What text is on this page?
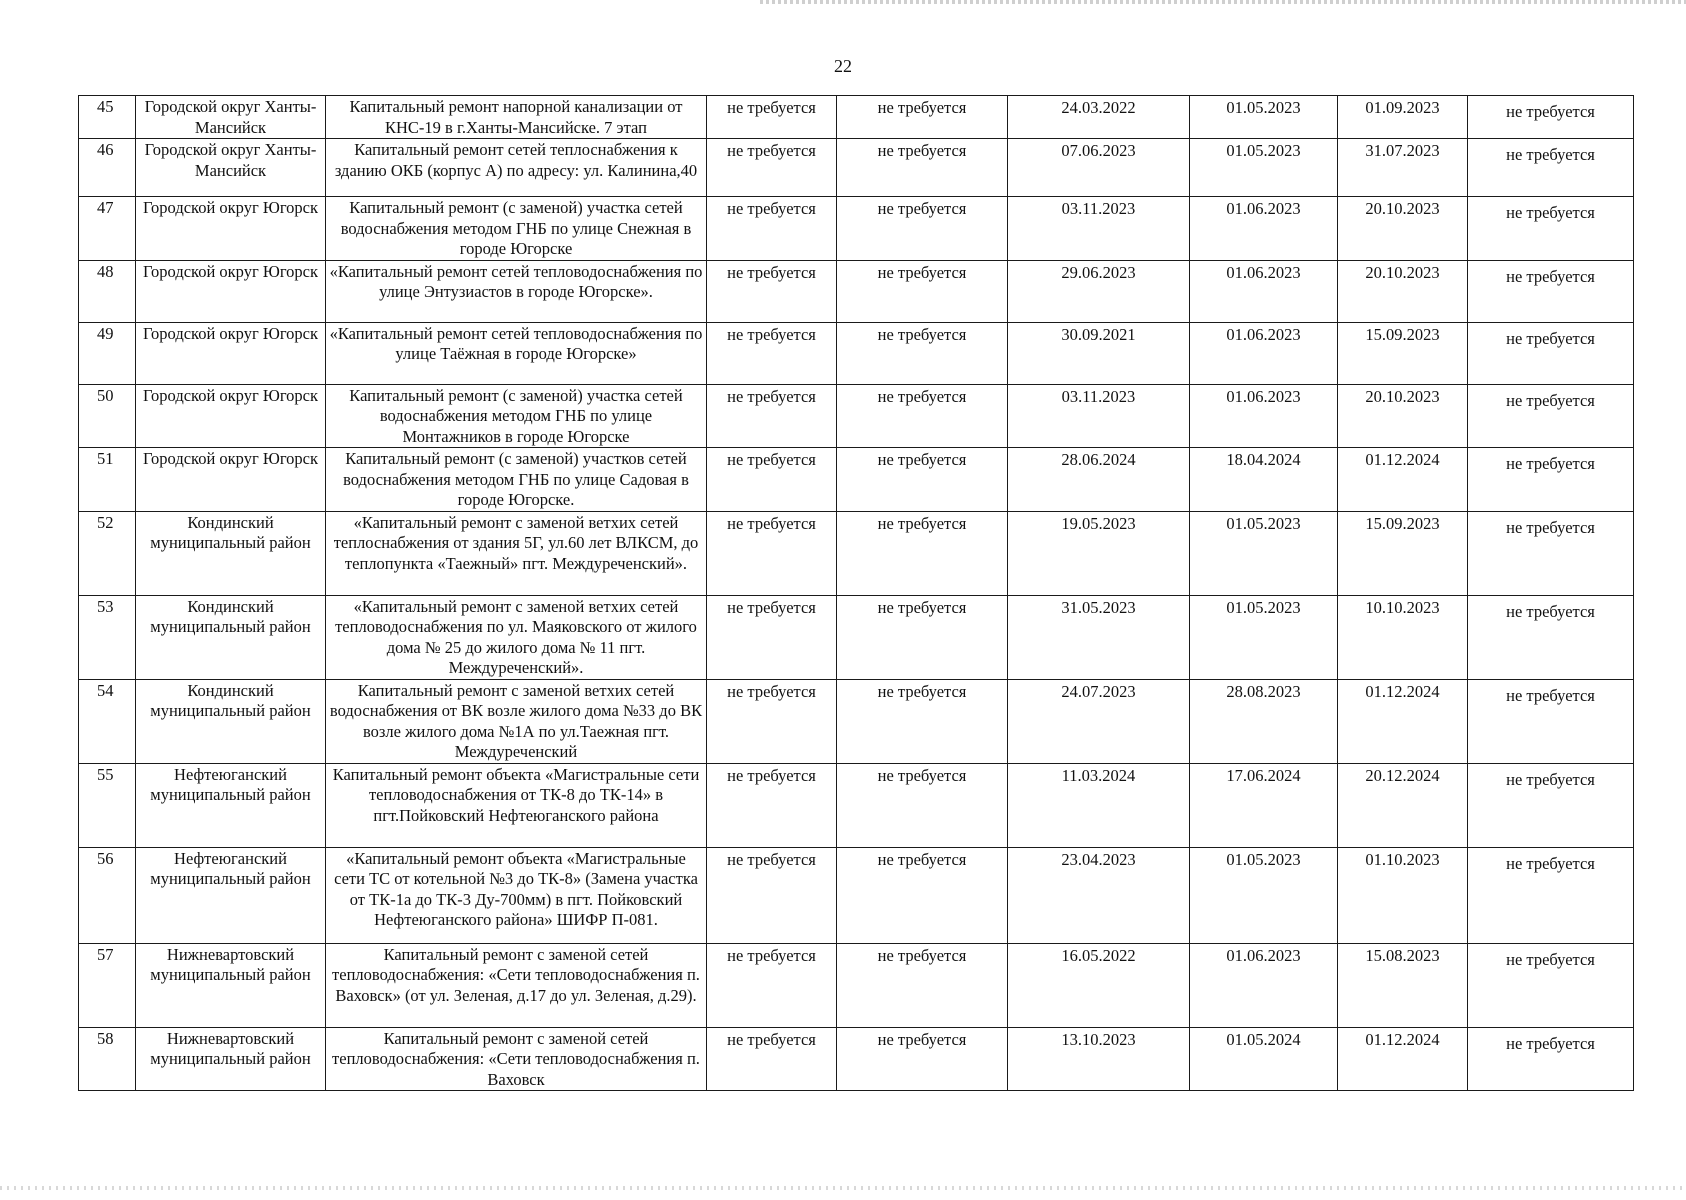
22
45	Городской округ Ханты-Мансийск	Капитальный ремонт напорной канализации от КНС-19 в г.Ханты-Мансийске. 7 этап	не требуется	не требуется	24.03.2022	01.05.2023	01.09.2023	не требуется
46	Городской округ Ханты-Мансийск	Капитальный ремонт сетей теплоснабжения к зданию ОКБ (корпус А) по адресу: ул. Калинина,40	не требуется	не требуется	07.06.2023	01.05.2023	31.07.2023	не требуется
47	Городской округ Югорск	Капитальный ремонт (с заменой) участка сетей водоснабжения методом ГНБ по улице Снежная в городе Югорске	не требуется	не требуется	03.11.2023	01.06.2023	20.10.2023	не требуется
48	Городской округ Югорск	«Капитальный ремонт сетей тепловодоснабжения по улице Энтузиастов в городе Югорске».	не требуется	не требуется	29.06.2023	01.06.2023	20.10.2023	не требуется
49	Городской округ Югорск	«Капитальный ремонт сетей тепловодоснабжения по улице Таёжная в городе Югорске»	не требуется	не требуется	30.09.2021	01.06.2023	15.09.2023	не требуется
50	Городской округ Югорск	Капитальный ремонт (с заменой) участка сетей водоснабжения методом ГНБ по улице Монтажников в городе Югорске	не требуется	не требуется	03.11.2023	01.06.2023	20.10.2023	не требуется
51	Городской округ Югорск	Капитальный ремонт (с заменой) участков сетей водоснабжения методом ГНБ по улице Садовая в городе Югорске.	не требуется	не требуется	28.06.2024	18.04.2024	01.12.2024	не требуется
52	Кондинский муниципальный район	«Капитальный ремонт с заменой ветхих сетей теплоснабжения от здания 5Г, ул.60 лет ВЛКСМ, до теплопункта «Таежный» пгт. Междуреченский».	не требуется	не требуется	19.05.2023	01.05.2023	15.09.2023	не требуется
53	Кондинский муниципальный район	«Капитальный ремонт с заменой ветхих сетей тепловодоснабжения по ул. Маяковского от жилого дома № 25 до жилого дома № 11 пгт. Междуреченский».	не требуется	не требуется	31.05.2023	01.05.2023	10.10.2023	не требуется
54	Кондинский муниципальный район	Капитальный ремонт с заменой ветхих сетей водоснабжения от ВК возле жилого дома №33 до ВК возле жилого дома №1А по ул.Таежная пгт. Междуреченский	не требуется	не требуется	24.07.2023	28.08.2023	01.12.2024	не требуется
55	Нефтеюганский муниципальный район	Капитальный ремонт объекта «Магистральные сети тепловодоснабжения от ТК-8 до ТК-14» в пгт.Пойковский Нефтеюганского района	не требуется	не требуется	11.03.2024	17.06.2024	20.12.2024	не требуется
56	Нефтеюганский муниципальный район	«Капитальный ремонт объекта «Магистральные сети ТС от котельной №3 до ТК-8» (Замена участка от ТК-1а до ТК-3 Ду-700мм) в пгт. Пойковский Нефтеюганского района» ШИФР П-081.	не требуется	не требуется	23.04.2023	01.05.2023	01.10.2023	не требуется
57	Нижневартовский муниципальный район	Капитальный ремонт с заменой сетей тепловодоснабжения: «Сети тепловодоснабжения п. Ваховск» (от ул. Зеленая, д.17 до ул. Зеленая, д.29).	не требуется	не требуется	16.05.2022	01.06.2023	15.08.2023	не требуется
58	Нижневартовский муниципальный район	Капитальный ремонт с заменой сетей тепловодоснабжения: «Сети тепловодоснабжения п. Ваховск	не требуется	не требуется	13.10.2023	01.05.2024	01.12.2024	не требуется
